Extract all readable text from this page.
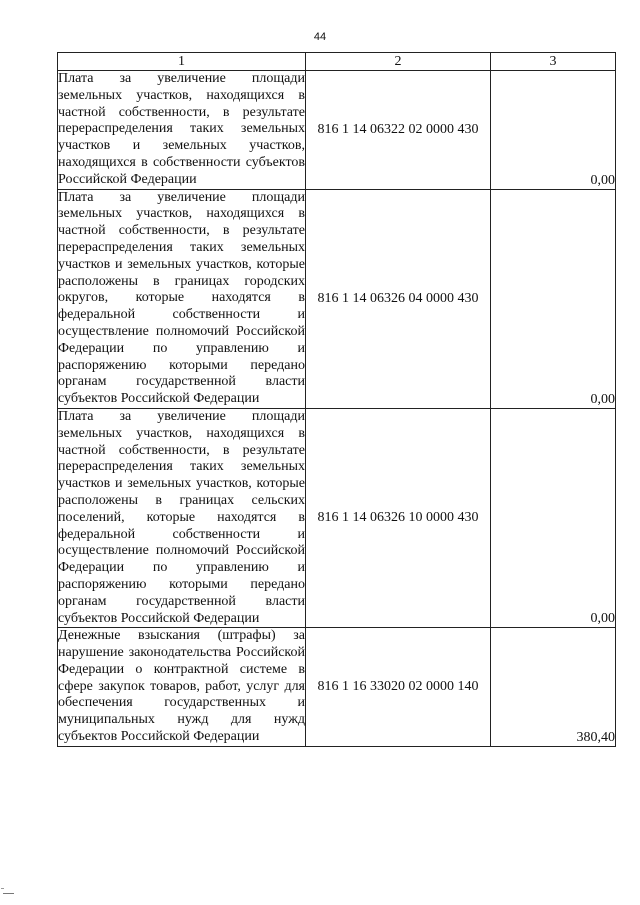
44
1	2	3
Плата за увеличение площади земельных участков, находящихся в частной собственности, в результате перераспределения таких земельных участков и земельных участков, находящихся в собственности субъектов Российской Федерации	816 1 14 06322 02 0000 430	0,00
Плата за увеличение площади земельных участков, находящихся в частной собственности, в результате перераспределения таких земельных участков и земельных участков, которые расположены в границах городских округов, которые находятся в федеральной собственности и осуществление полномочий Российской Федерации по управлению и распоряжению которыми передано органам государственной власти субъектов Российской Федерации	816 1 14 06326 04 0000 430	0,00
Плата за увеличение площади земельных участков, находящихся в частной собственности, в результате перераспределения таких земельных участков и земельных участков, которые расположены в границах сельских поселений, которые находятся в федеральной собственности и осуществление полномочий Российской Федерации по управлению и распоряжению которыми передано органам государственной власти субъектов Российской Федерации	816 1 14 06326 10 0000 430	0,00
Денежные взыскания (штрафы) за нарушение законодательства Российской Федерации о контрактной системе в сфере закупок товаров, работ, услуг для обеспечения государственных и муниципальных нужд для нужд субъектов Российской Федерации	816 1 16 33020 02 0000 140	380,40
